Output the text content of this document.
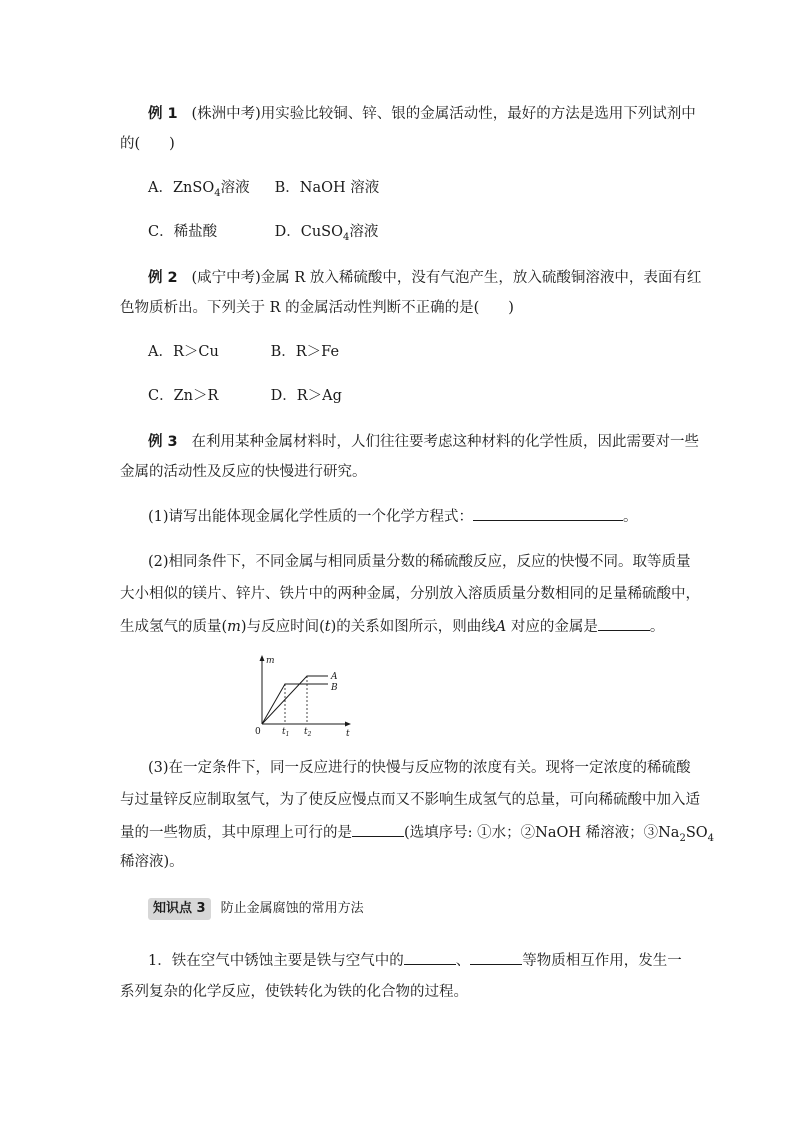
例 1 (株洲中考)用实验比较铜、锌、银的金属活动性，最好的方法是选用下列试剂中
的(　　)
A．ZnSO$_4$溶液 B．NaOH 溶液
C．稀盐酸	D．CuSO$_4$溶液
例 2 (咸宁中考)金属 R 放入稀硫酸中，没有气泡产生，放入硫酸铜溶液中，表面有红
色物质析出。下列关于 R 的金属活动性判断不正确的是(　　)
A．R＞Cu	B．R＞Fe
C．Zn＞R	D．R＞Ag
例 3 在利用某种金属材料时，人们往往要考虑这种材料的化学性质，因此需要对一些
金属的活动性及反应的快慢进行研究。
(1)请写出能体现金属化学性质的一个化学方程式：	。
(2)相同条件下，不同金属与相同质量分数的稀硫酸反应，反应的快慢不同。取等质量
大小相似的镁片、锌片、铁片中的两种金属，分别放入溶质质量分数相同的足量稀硫酸中，
生成氢气的质量(m)与反应时间(t)的关系如图所示，则曲线A 对应的金属是	。
(3)在一定条件下，同一反应进行的快慢与反应物的浓度有关。现将一定浓度的稀硫酸
与过量锌反应制取氢气，为了使反应慢点而又不影响生成氢气的总量，可向稀硫酸中加入适
量的一些物质，其中原理上可行的是	(选填序号: ①水；②NaOH 稀溶液；$③Na_2SO_4$
稀溶液)。
知识点 3 防止金属腐蚀的常用方法
1．铁在空气中锈蚀主要是铁与空气中的	、	等物质相互作用，发生一
系列复杂的化学反应，使铁转化为铁的化合物的过程。
m
t
0
A
B
$t_1$ $t_2$
